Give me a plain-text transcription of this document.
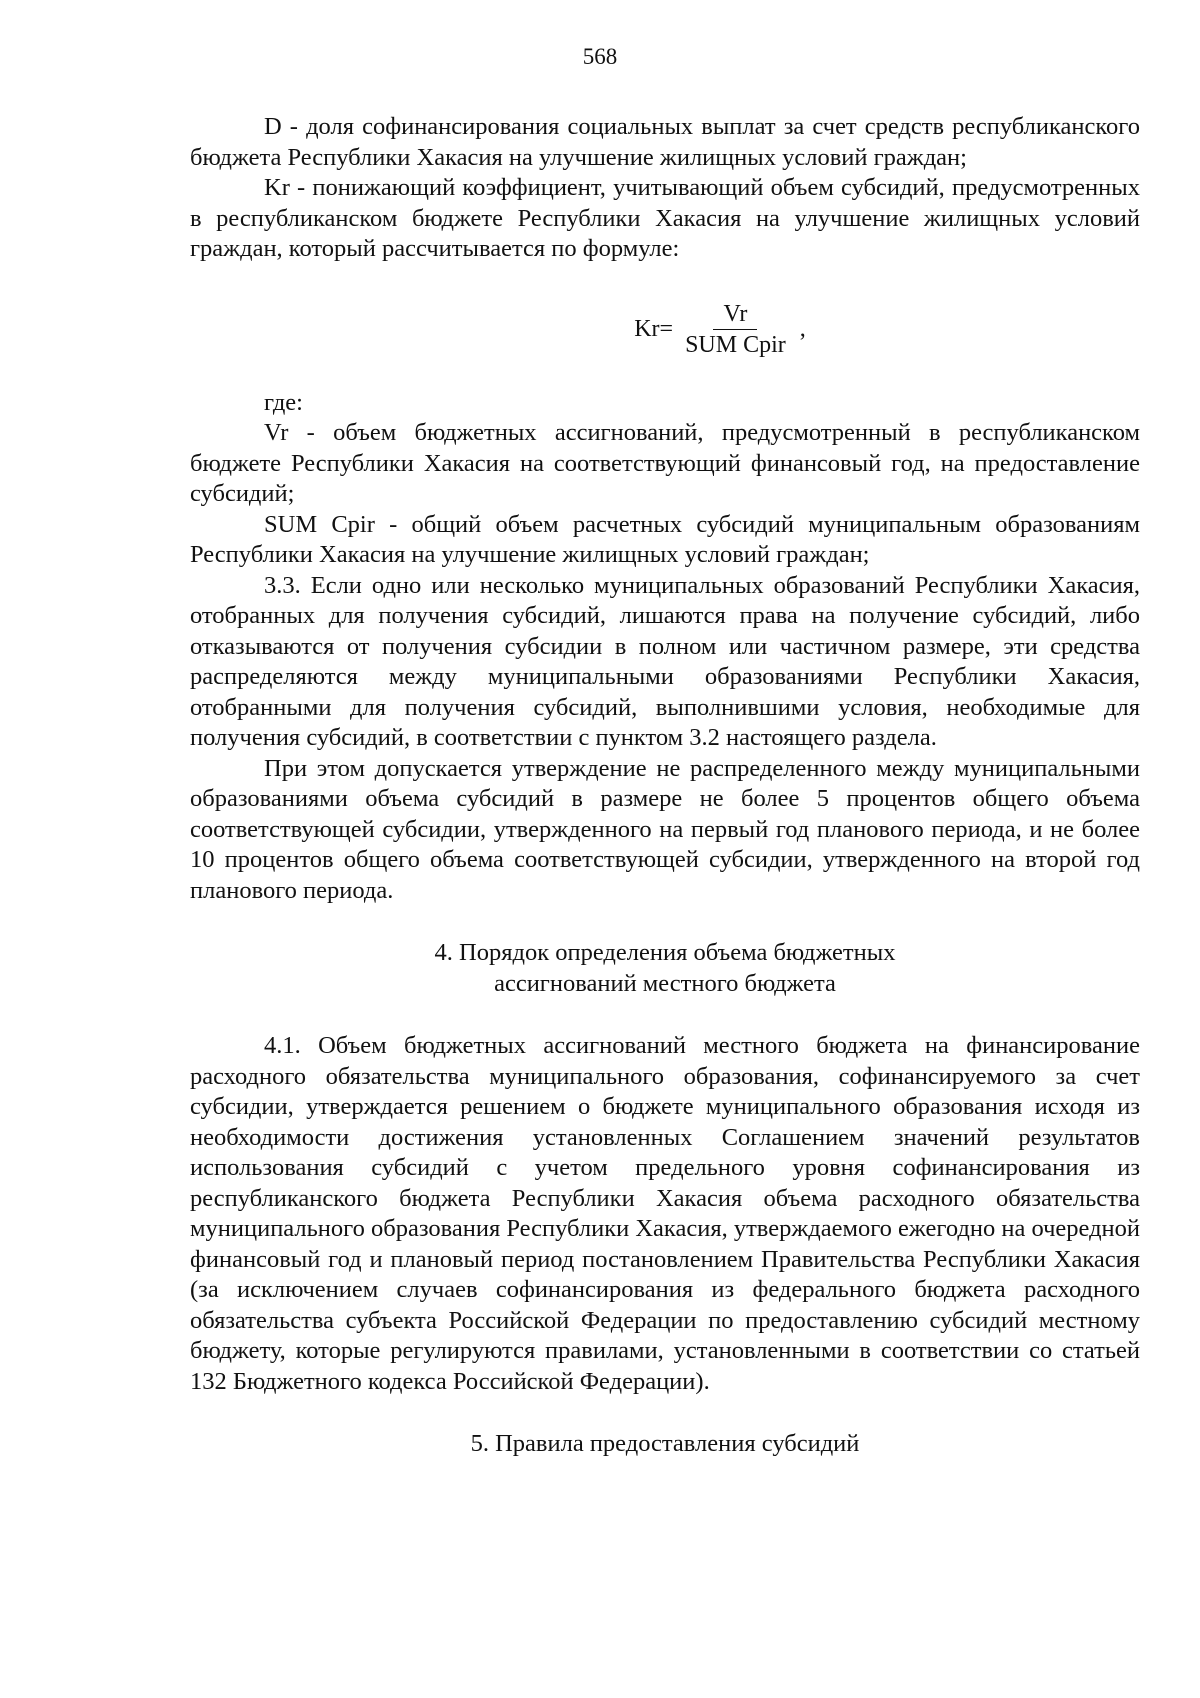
568

D - доля софинансирования социальных выплат за счет средств республиканского бюджета Республики Хакасия на улучшение жилищных условий граждан;

Kr - понижающий коэффициент, учитывающий объем субсидий, предусмотренных в республиканском бюджете Республики Хакасия на улучшение жилищных условий граждан, который рассчитывается по формуле:

$Kr= \frac{Vr}{\text{SUM Cpir}}$ ,

где:

Vr - объем бюджетных ассигнований, предусмотренный в республиканском бюджете Республики Хакасия на соответствующий финансовый год, на предоставление субсидий;

SUM Cpir - общий объем расчетных субсидий муниципальным образованиям Республики Хакасия на улучшение жилищных условий граждан;

3.3. Если одно или несколько муниципальных образований Республики Хакасия, отобранных для получения субсидий, лишаются права на получение субсидий, либо отказываются от получения субсидии в полном или частичном размере, эти средства распределяются между муниципальными образованиями Республики Хакасия, отобранными для получения субсидий, выполнившими условия, необходимые для получения субсидий, в соответствии с пунктом 3.2 настоящего раздела.

При этом допускается утверждение не распределенного между муниципальными образованиями объема субсидий в размере не более 5 процентов общего объема соответствующей субсидии, утвержденного на первый год планового периода, и не более 10 процентов общего объема соответствующей субсидии, утвержденного на второй год планового периода.

4. Порядок определения объема бюджетных

ассигнований местного бюджета

4.1. Объем бюджетных ассигнований местного бюджета на финансирование расходного обязательства муниципального образования, софинансируемого за счет субсидии, утверждается решением о бюджете муниципального образования исходя из необходимости достижения установленных Соглашением значений результатов использования субсидий с учетом предельного уровня софинансирования из республиканского бюджета Республики Хакасия объема расходного обязательства муниципального образования Республики Хакасия, утверждаемого ежегодно на очередной финансовый год и плановый период постановлением Правительства Республики Хакасия (за исключением случаев софинансирования из федерального бюджета расходного обязательства субъекта Российской Федерации по предоставлению субсидий местному бюджету, которые регулируются правилами, установленными в соответствии со статьей 132 Бюджетного кодекса Российской Федерации).

5. Правила предоставления субсидий
